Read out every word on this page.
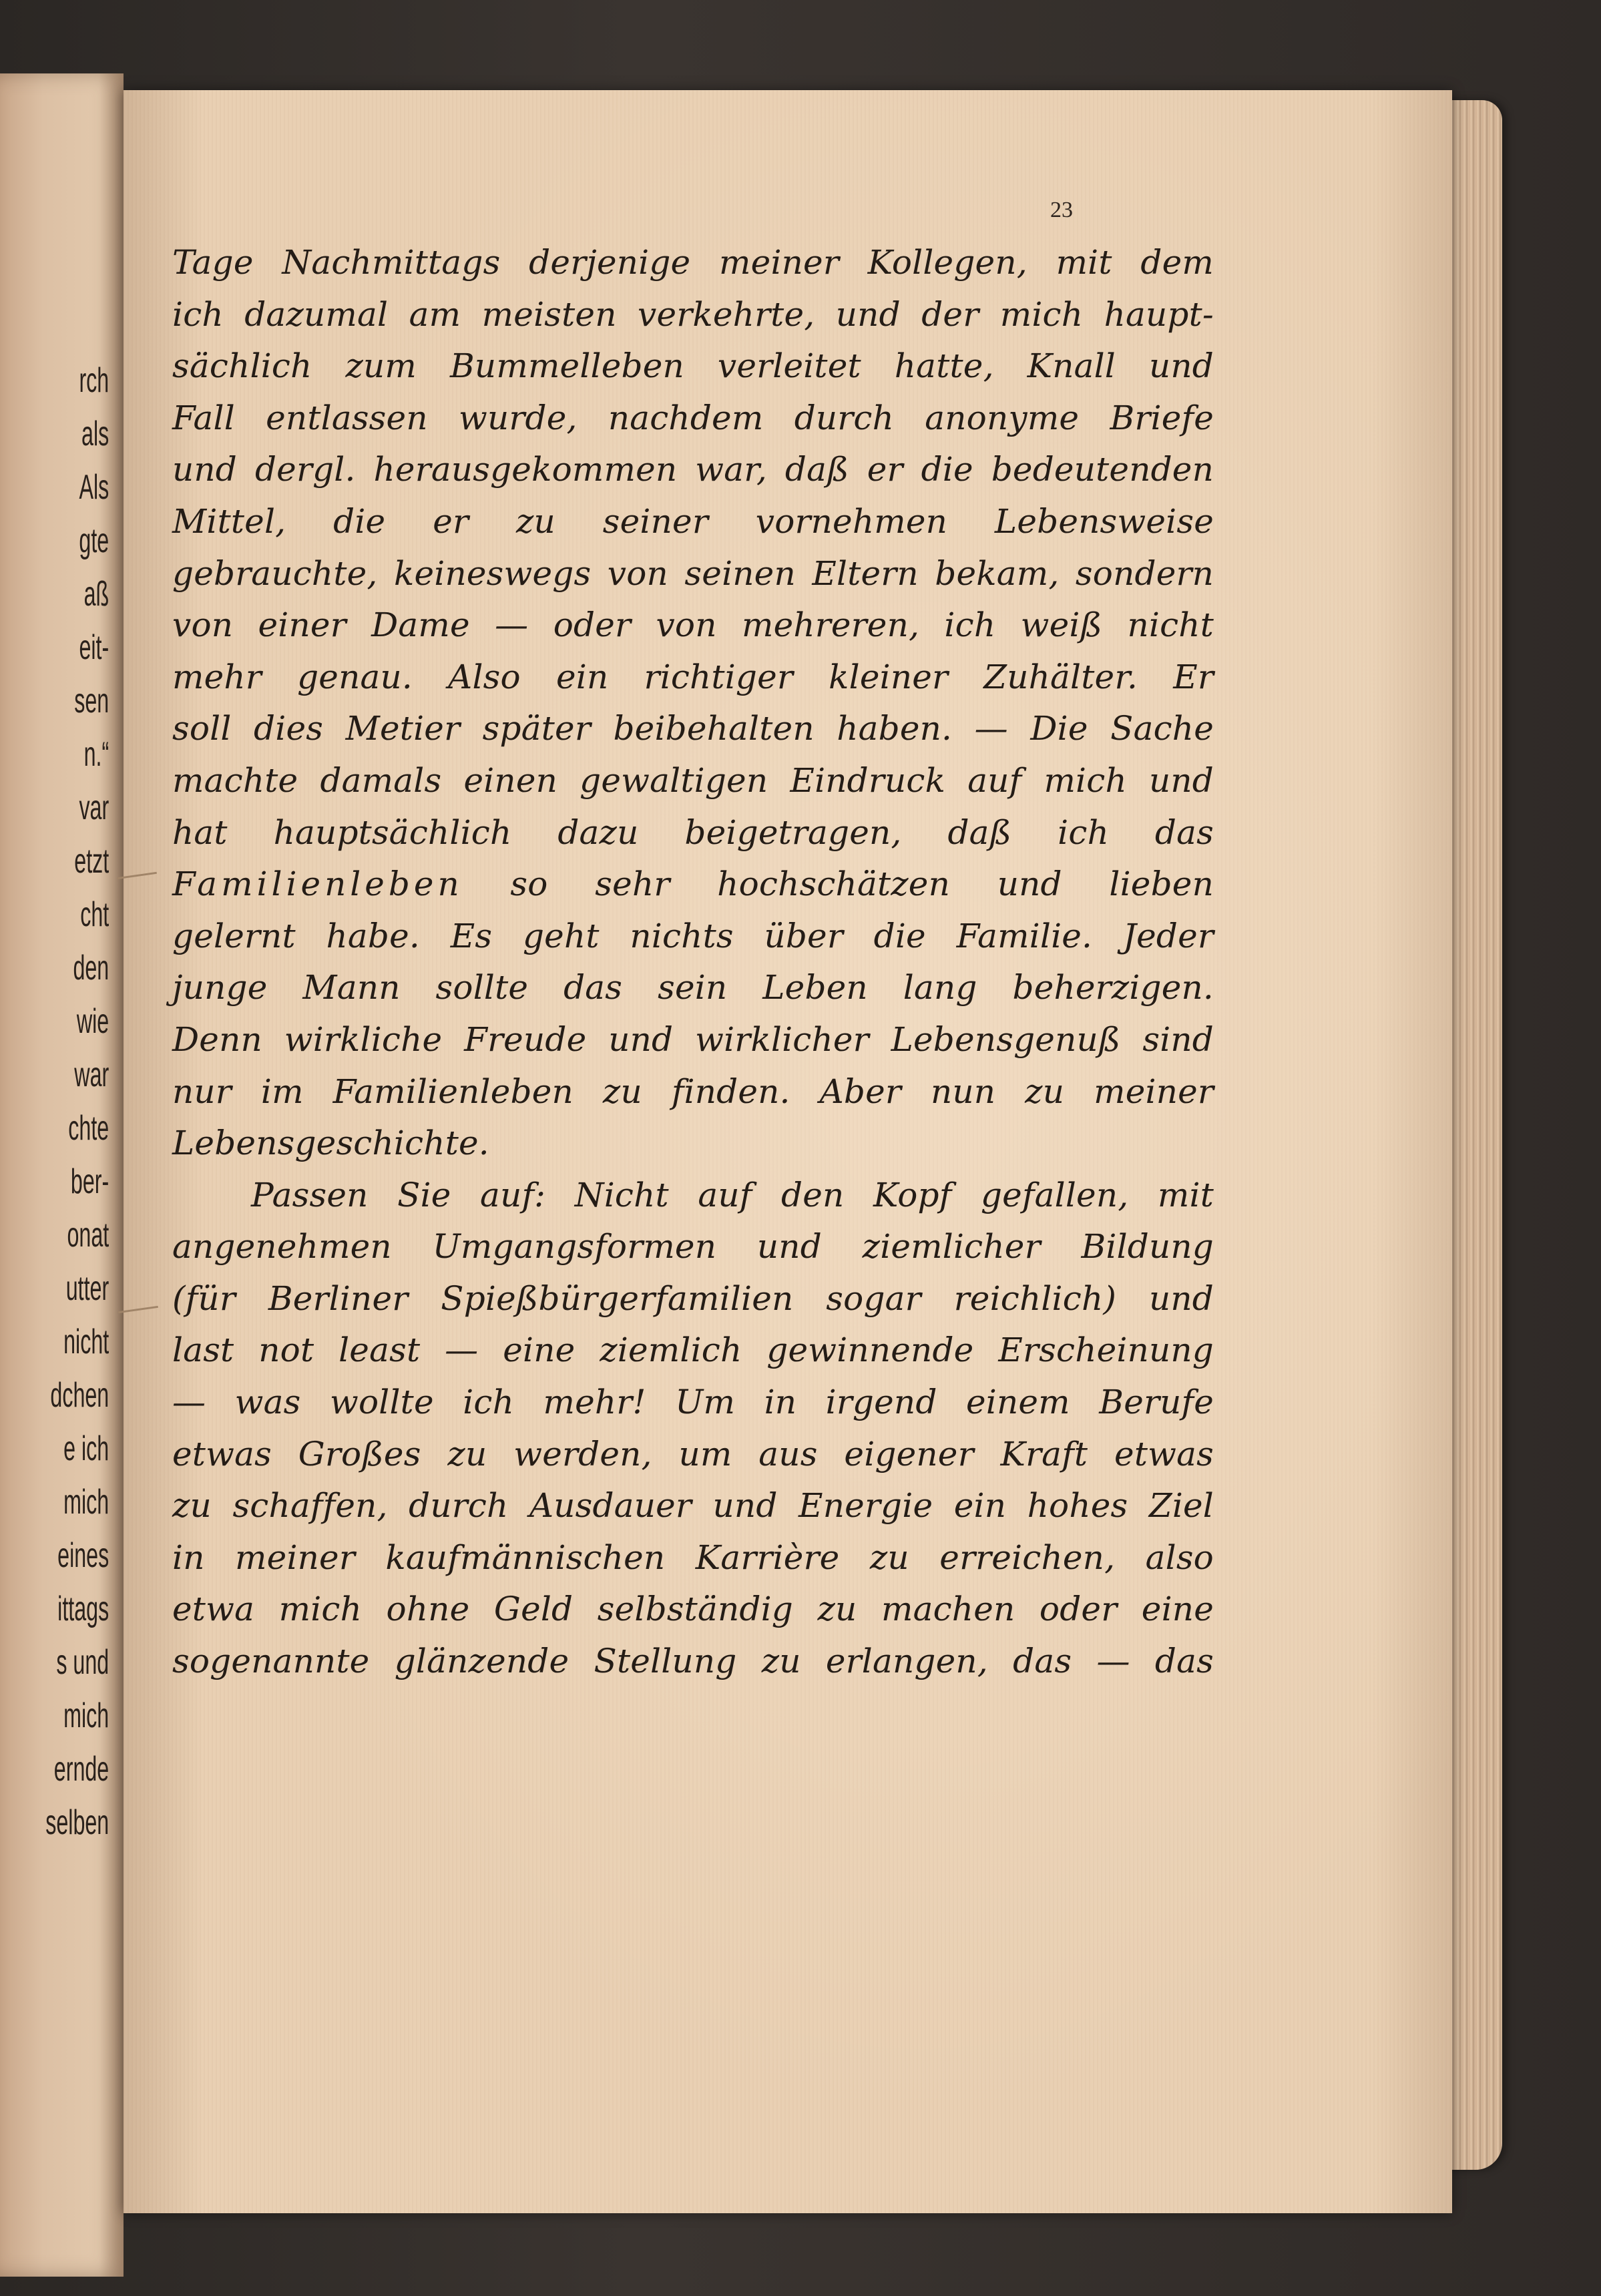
rch
als
Als
gte
aß
eit-
sen
n.“
var
etzt
cht
den
wie
war
chte
ber-
onat
utter
nicht
dchen
e ich
mich
eines
ittags
s und
mich
ernde
selben
23
Tage Nachmittags derjenige meiner Kollegen, mit dem
ich dazumal am meisten verkehrte, und der mich haupt-
sächlich zum Bummelleben verleitet hatte, Knall und
Fall entlassen wurde, nachdem durch anonyme Briefe
und dergl. herausgekommen war, daß er die bedeutenden
Mittel, die er zu seiner vornehmen Lebensweise
gebrauchte, keineswegs von seinen Eltern bekam, sondern
von einer Dame — oder von mehreren, ich weiß nicht
mehr genau. Also ein richtiger kleiner Zuhälter. Er
soll dies Metier später beibehalten haben. — Die Sache
machte damals einen gewaltigen Eindruck auf mich und
hat hauptsächlich dazu beigetragen, daß ich das
Familienleben so sehr hochschätzen und lieben
gelernt habe. Es geht nichts über die Familie. Jeder
junge Mann sollte das sein Leben lang beherzigen.
Denn wirkliche Freude und wirklicher Lebensgenuß sind
nur im Familienleben zu finden. Aber nun zu meiner
Lebensgeschichte.
Passen Sie auf: Nicht auf den Kopf gefallen, mit
angenehmen Umgangsformen und ziemlicher Bildung
(für Berliner Spießbürgerfamilien sogar reichlich) und
last not least — eine ziemlich gewinnende Erscheinung
— was wollte ich mehr! Um in irgend einem Berufe
etwas Großes zu werden, um aus eigener Kraft etwas
zu schaffen, durch Ausdauer und Energie ein hohes Ziel
in meiner kaufmännischen Karrière zu erreichen, also
etwa mich ohne Geld selbständig zu machen oder eine
sogenannte glänzende Stellung zu erlangen, das — das
